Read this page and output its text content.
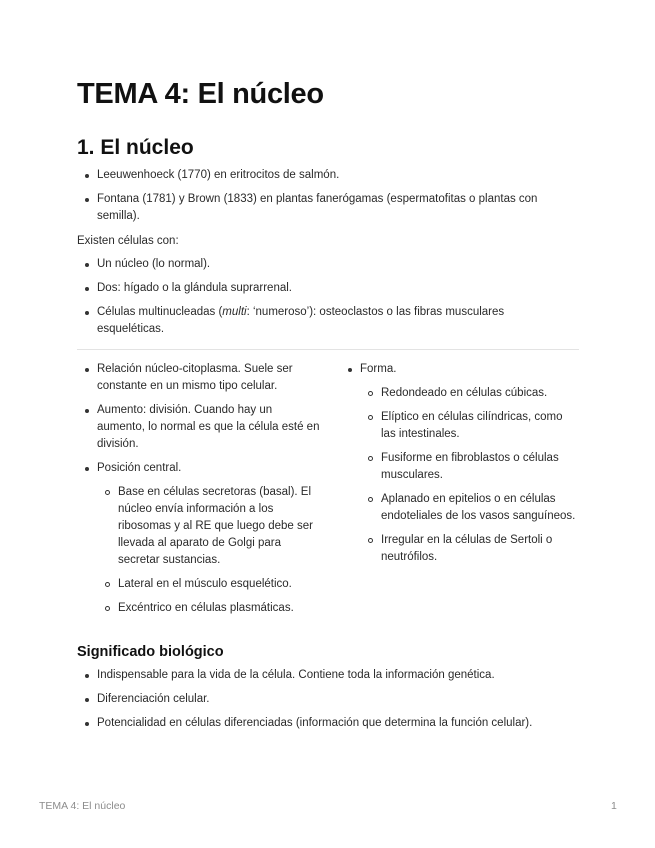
TEMA 4: El núcleo
1. El núcleo
Leeuwenhoeck (1770) en eritrocitos de salmón.
Fontana (1781) y Brown (1833) en plantas fanerógamas (espermatofitas o plantas con semilla).

Existen células con:

Un núcleo (lo normal).
Dos: hígado o la glándula suprarrenal.
Células multinucleadas (multi: ‘numeroso’): osteoclastos o las fibras musculares esqueléticas.
Relación núcleo-citoplasma. Suele ser constante en un mismo tipo celular.
Aumento: división. Cuando hay un aumento, lo normal es que la célula esté en división.
Posición central.
Base en células secretoras (basal). El núcleo envía información a los ribosomas y al RE que luego debe ser llevada al aparato de Golgi para secretar sustancias.
Lateral en el músculo esquelético.
Excéntrico en células plasmáticas.
Forma.
Redondeado en células cúbicas.
Elíptico en células cilíndricas, como las intestinales.
Fusiforme en fibroblastos o células musculares.
Aplanado en epitelios o en células endoteliales de los vasos sanguíneos.
Irregular en la células de Sertoli o neutrófilos.
Significado biológico
Indispensable para la vida de la célula. Contiene toda la información genética.
Diferenciación celular.
Potencialidad en células diferenciadas (información que determina la función celular).
TEMA 4: El núcleo	1
